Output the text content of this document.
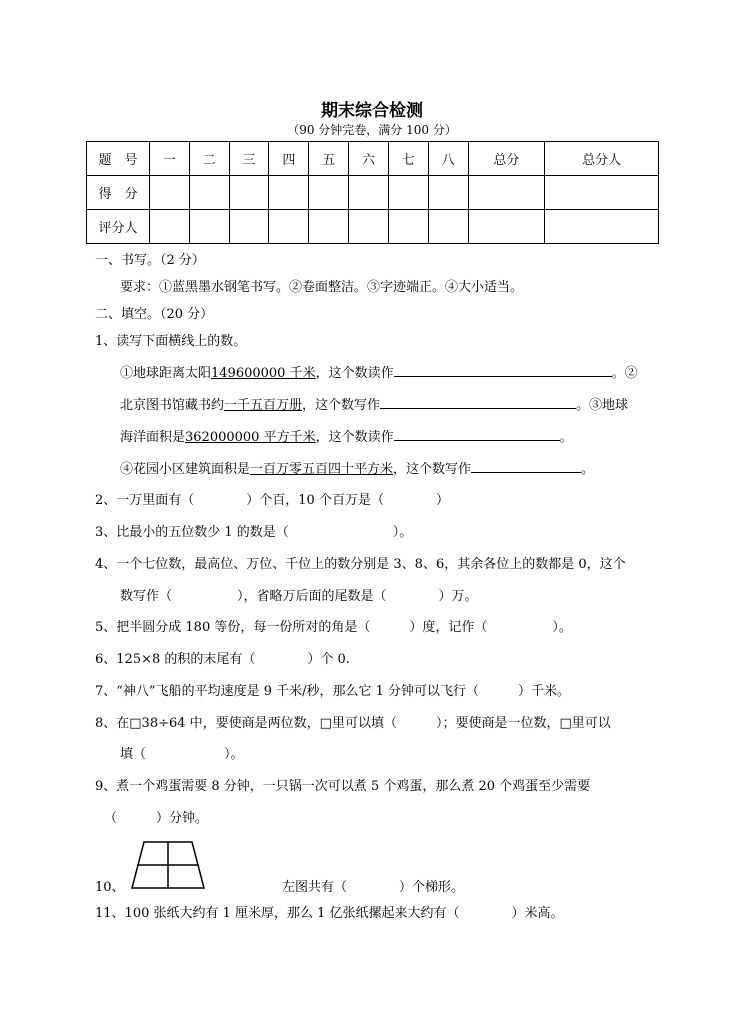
期末综合检测
（90 分钟完卷，满分 100 分）
题　号	一	二	三	四	五	六	七	八	总分	总分人
得　分										
评分人										
一、书写。（2 分）
要求：①蓝黑墨水钢笔书写。②卷面整洁。③字迹端正。④大小适当。
二、填空。（20 分）
1、读写下面横线上的数。
①地球距离太阳149600000 千米，这个数读作	。②
北京图书馆藏书约一千五百万册，这个数写作	。③地球
海洋面积是362000000 平方千米，这个数读作	。
④花园小区建筑面积是一百万零五百四十平方米，这个数写作	。
2、一万里面有（　　　　）个百，10 个百万是（　　　　）
3、比最小的五位数少 1 的数是（　　　　　　　　）。
4、一个七位数，最高位、万位、千位上的数分别是 3、8、6，其余各位上的数都是 0，这个
数写作（　　　　　），省略万后面的尾数是（　　　　）万。
5、把半圆分成 180 等份，每一份所对的角是（　　　）度，记作（　　　　　）。
6、125×8 的积的末尾有（　　　　）个 0.
7、“神八”飞船的平均速度是 9 千米/秒，那么它 1 分钟可以飞行（　　　）千米。
8、在□38÷64 中，要使商是两位数，□里可以填（　　　）；要使商是一位数，□里可以
填（　　　　　　）。
9、煮一个鸡蛋需要 8 分钟，一只锅一次可以煮 5 个鸡蛋，那么煮 20 个鸡蛋至少需要
（　　　）分钟。
10、	左图共有（　　　　）个梯形。
11、100 张纸大约有 1 厘米厚，那么 1 亿张纸摞起来大约有（　　　　）米高。
